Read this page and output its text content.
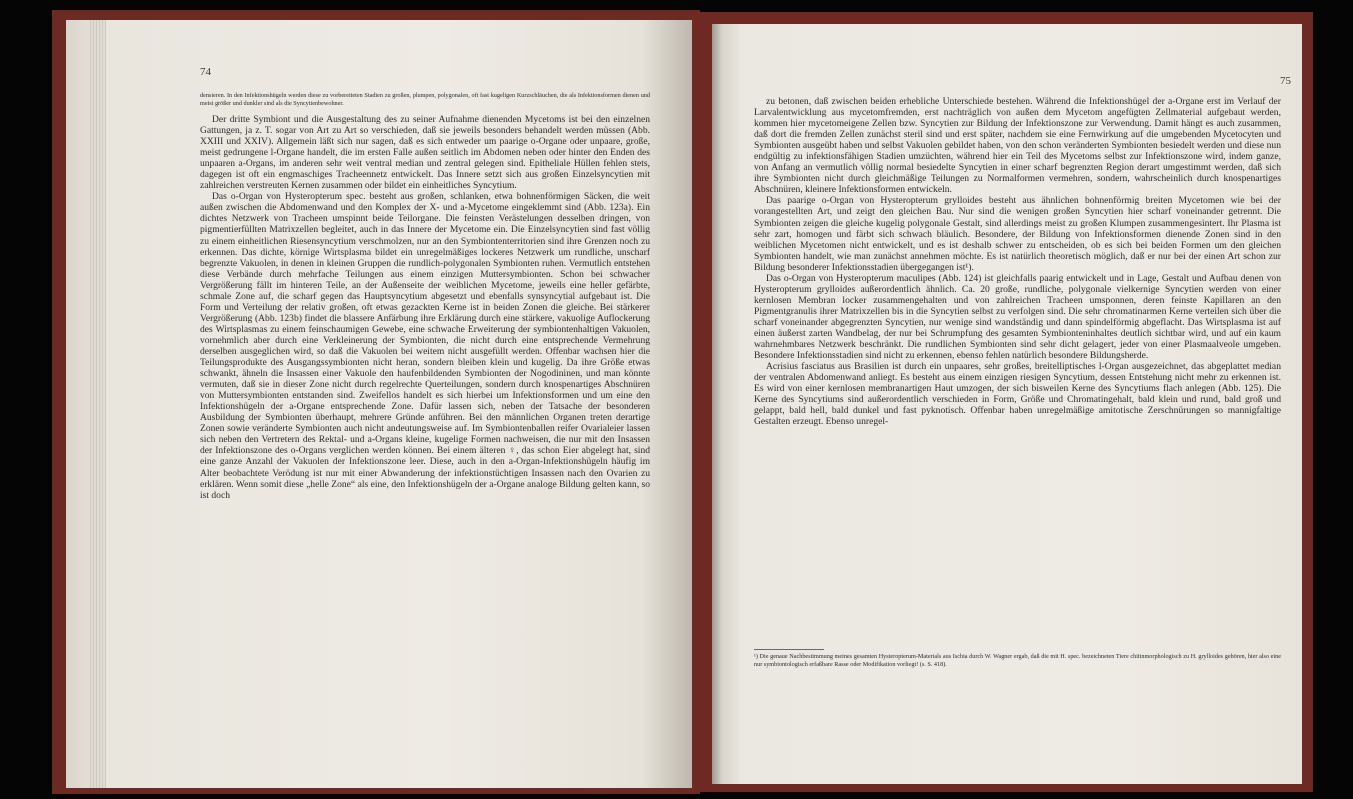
74

densieren. In den Infektionshügeln werden diese zu vorbereiteten Stadien zu großen, plumpen, polygonalen, oft fast kugeligen Kurzschläuchen, die als Infektionsformen dienen und meist größer und dunkler sind als die Syncytienbewohner.

Der dritte Symbiont und die Ausgestaltung des zu seiner Aufnahme dienenden Mycetoms ist bei den einzelnen Gattungen, ja z. T. sogar von Art zu Art so verschieden, daß sie jeweils besonders behandelt werden müssen (Abb. XXIII und XXIV). Allgemein läßt sich nur sagen, daß es sich entweder um paarige o-Organe oder unpaare, große, meist gedrungene l-Organe handelt, die im ersten Falle außen seitlich im Abdomen neben oder hinter den Enden des unpaaren a-Organs, im anderen sehr weit ventral median und zentral gelegen sind. Epitheliale Hüllen fehlen stets, dagegen ist oft ein engmaschiges Tracheennetz entwickelt. Das Innere setzt sich aus großen Einzelsyncytien mit zahlreichen verstreuten Kernen zusammen oder bildet ein einheitliches Syncytium.

Das o-Organ von Hysteropterum spec. besteht aus großen, schlanken, etwa bohnenförmigen Säcken, die weit außen zwischen die Abdomenwand und den Komplex der X- und a-Mycetome eingeklemmt sind (Abb. 123a). Ein dichtes Netzwerk von Tracheen umspinnt beide Teilorgane. Die feinsten Verästelungen desselben dringen, von pigmentierfüllten Matrixzellen begleitet, auch in das Innere der Mycetome ein. Die Einzelsyncytien sind fast völlig zu einem einheitlichen Riesensyncytium verschmolzen, nur an den Symbiontenterritorien sind ihre Grenzen noch zu erkennen. Das dichte, körnige Wirtsplasma bildet ein unregelmäßiges lockeres Netzwerk um rundliche, unscharf begrenzte Vakuolen, in denen in kleinen Gruppen die rundlich-polygonalen Symbionten ruhen. Vermutlich entstehen diese Verbände durch mehrfache Teilungen aus einem einzigen Muttersymbionten. Schon bei schwacher Vergrößerung fällt im hinteren Teile, an der Außenseite der weiblichen Mycetome, jeweils eine heller gefärbte, schmale Zone auf, die scharf gegen das Hauptsyncytium abgesetzt und ebenfalls synsyncytial aufgebaut ist. Die Form und Verteilung der relativ großen, oft etwas gezackten Kerne ist in beiden Zonen die gleiche. Bei stärkerer Vergrößerung (Abb. 123b) findet die blassere Anfärbung ihre Erklärung durch eine stärkere, vakuolige Auflockerung des Wirtsplasmas zu einem feinschaumigen Gewebe, eine schwache Erweiterung der symbiontenhaltigen Vakuolen, vornehmlich aber durch eine Verkleinerung der Symbionten, die nicht durch eine entsprechende Vermehrung derselben ausgeglichen wird, so daß die Vakuolen bei weitem nicht ausgefüllt werden. Offenbar wachsen hier die Teilungsprodukte des Ausgangssymbionten nicht heran, sondern bleiben klein und kugelig. Da ihre Größe etwas schwankt, ähneln die Insassen einer Vakuole den haufenbildenden Symbionten der Nogodininen, und man könnte vermuten, daß sie in dieser Zone nicht durch regelrechte Querteilungen, sondern durch knospenartiges Abschnüren von Muttersymbionten entstanden sind. Zweifellos handelt es sich hierbei um Infektionsformen und um eine den Infektionshügeln der a-Organe entsprechende Zone. Dafür lassen sich, neben der Tatsache der besonderen Ausbildung der Symbionten überhaupt, mehrere Gründe anführen. Bei den männlichen Organen treten derartige Zonen sowie veränderte Symbionten auch nicht andeutungsweise auf. Im Symbiontenballen reifer Ovarialeier lassen sich neben den Vertretern des Rektal- und a-Organs kleine, kugelige Formen nachweisen, die nur mit den Insassen der Infektionszone des o-Organs verglichen werden können. Bei einem älteren ♀, das schon Eier abgelegt hat, sind eine ganze Anzahl der Vakuolen der Infektionszone leer. Diese, auch in den a-Organ-Infektionshügeln häufig im Alter beobachtete Verödung ist nur mit einer Abwanderung der infektionstüchtigen Insassen nach den Ovarien zu erklären. Wenn somit diese „helle Zone“ als eine, den Infektionshügeln der a-Organe analoge Bildung gelten kann, so ist doch

75

zu betonen, daß zwischen beiden erhebliche Unterschiede bestehen. Während die Infektionshügel der a-Organe erst im Verlauf der Larvalentwicklung aus mycetomfremden, erst nachträglich von außen dem Mycetom angefügten Zellmaterial aufgebaut werden, kommen hier mycetomeigene Zellen bzw. Syncytien zur Bildung der Infektionszone zur Verwendung. Damit hängt es auch zusammen, daß dort die fremden Zellen zunächst steril sind und erst später, nachdem sie eine Fernwirkung auf die umgebenden Mycetocyten und Symbionten ausgeübt haben und selbst Vakuolen gebildet haben, von den schon veränderten Symbionten besiedelt werden und diese nun endgültig zu infektionsfähigen Stadien umzüchten, während hier ein Teil des Mycetoms selbst zur Infektionszone wird, indem ganze, von Anfang an vermutlich völlig normal besiedelte Syncytien in einer scharf begrenzten Region derart umgestimmt werden, daß sich ihre Symbionten nicht durch gleichmäßige Teilungen zu Normalformen vermehren, sondern, wahrscheinlich durch knospenartiges Abschnüren, kleinere Infektionsformen entwickeln.

Das paarige o-Organ von Hysteropterum grylloides besteht aus ähnlichen bohnenförmig breiten Mycetomen wie bei der vorangestellten Art, und zeigt den gleichen Bau. Nur sind die wenigen großen Syncytien hier scharf voneinander getrennt. Die Symbionten zeigen die gleiche kugelig polygonale Gestalt, sind allerdings meist zu großen Klumpen zusammengesintert. Ihr Plasma ist sehr zart, homogen und färbt sich schwach bläulich. Besondere, der Bildung von Infektionsformen dienende Zonen sind in den weiblichen Mycetomen nicht entwickelt, und es ist deshalb schwer zu entscheiden, ob es sich bei beiden Formen um den gleichen Symbionten handelt, wie man zunächst annehmen möchte. Es ist natürlich theoretisch möglich, daß er nur bei der einen Art schon zur Bildung besonderer Infektionsstadien übergegangen ist¹).

Das o-Organ von Hysteropterum maculipes (Abb. 124) ist gleichfalls paarig entwickelt und in Lage, Gestalt und Aufbau denen von Hysteropterum grylloides außerordentlich ähnlich. Ca. 20 große, rundliche, polygonale vielkernige Syncytien werden von einer kernlosen Membran locker zusammengehalten und von zahlreichen Tracheen umsponnen, deren feinste Kapillaren an den Pigmentgranulis ihrer Matrixzellen bis in die Syncytien selbst zu verfolgen sind. Die sehr chromatinarmen Kerne verteilen sich über die scharf voneinander abgegrenzten Syncytien, nur wenige sind wandständig und dann spindelförmig abgeflacht. Das Wirtsplasma ist auf einen äußerst zarten Wandbelag, der nur bei Schrumpfung des gesamten Symbionteninhaltes deutlich sichtbar wird, und auf ein kaum wahrnehmbares Netzwerk beschränkt. Die rundlichen Symbionten sind sehr dicht gelagert, jeder von einer Plasmaalveole umgeben. Besondere Infektionsstadien sind nicht zu erkennen, ebenso fehlen natürlich besondere Bildungsherde.

Acrisius fasciatus aus Brasilien ist durch ein unpaares, sehr großes, breitelliptisches l-Organ ausgezeichnet, das abgeplattet median der ventralen Abdomenwand anliegt. Es besteht aus einem einzigen riesigen Syncytium, dessen Entstehung nicht mehr zu erkennen ist. Es wird von einer kernlosen membranartigen Haut umzogen, der sich bisweilen Kerne des Syncytiums flach anlegen (Abb. 125). Die Kerne des Syncytiums sind außerordentlich verschieden in Form, Größe und Chromatingehalt, bald klein und rund, bald groß und gelappt, bald hell, bald dunkel und fast pyknotisch. Offenbar haben unregelmäßige amitotische Zerschnürungen so mannigfaltige Gestalten erzeugt. Ebenso unregel-

¹) Die genaue Nachbestimmung meines gesamten Hysteropterum-Materials aus Ischia durch W. Wagner ergab, daß die mit H. spec. bezeichneten Tiere chitinmorphologisch zu H. grylloides gehören, hier also eine nur symbiontologisch erfaßbare Rasse oder Modifikation vorliegt! (s. S. 418).
